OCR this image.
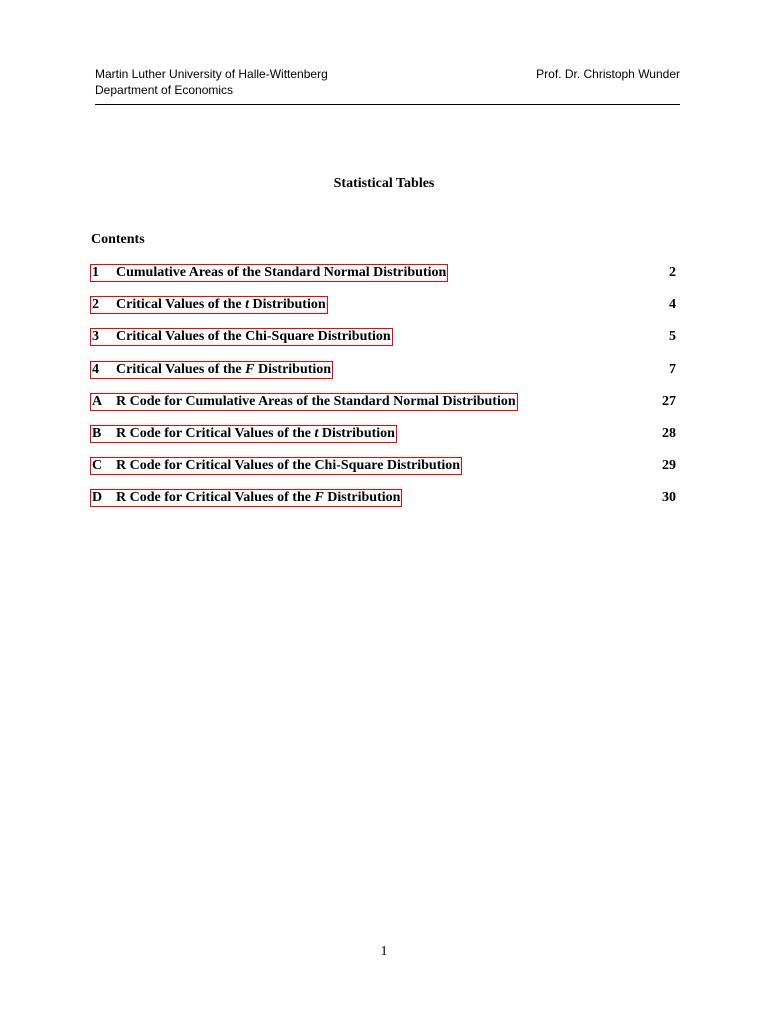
Martin Luther University of Halle-Wittenberg
Department of Economics
Prof. Dr. Christoph Wunder
Statistical Tables
Contents
1 Cumulative Areas of the Standard Normal Distribution	2
2 Critical Values of the t Distribution	4
3 Critical Values of the Chi-Square Distribution	5
4 Critical Values of the F Distribution	7
A R Code for Cumulative Areas of the Standard Normal Distribution	27
B R Code for Critical Values of the t Distribution	28
C R Code for Critical Values of the Chi-Square Distribution	29
D R Code for Critical Values of the F Distribution	30
1
